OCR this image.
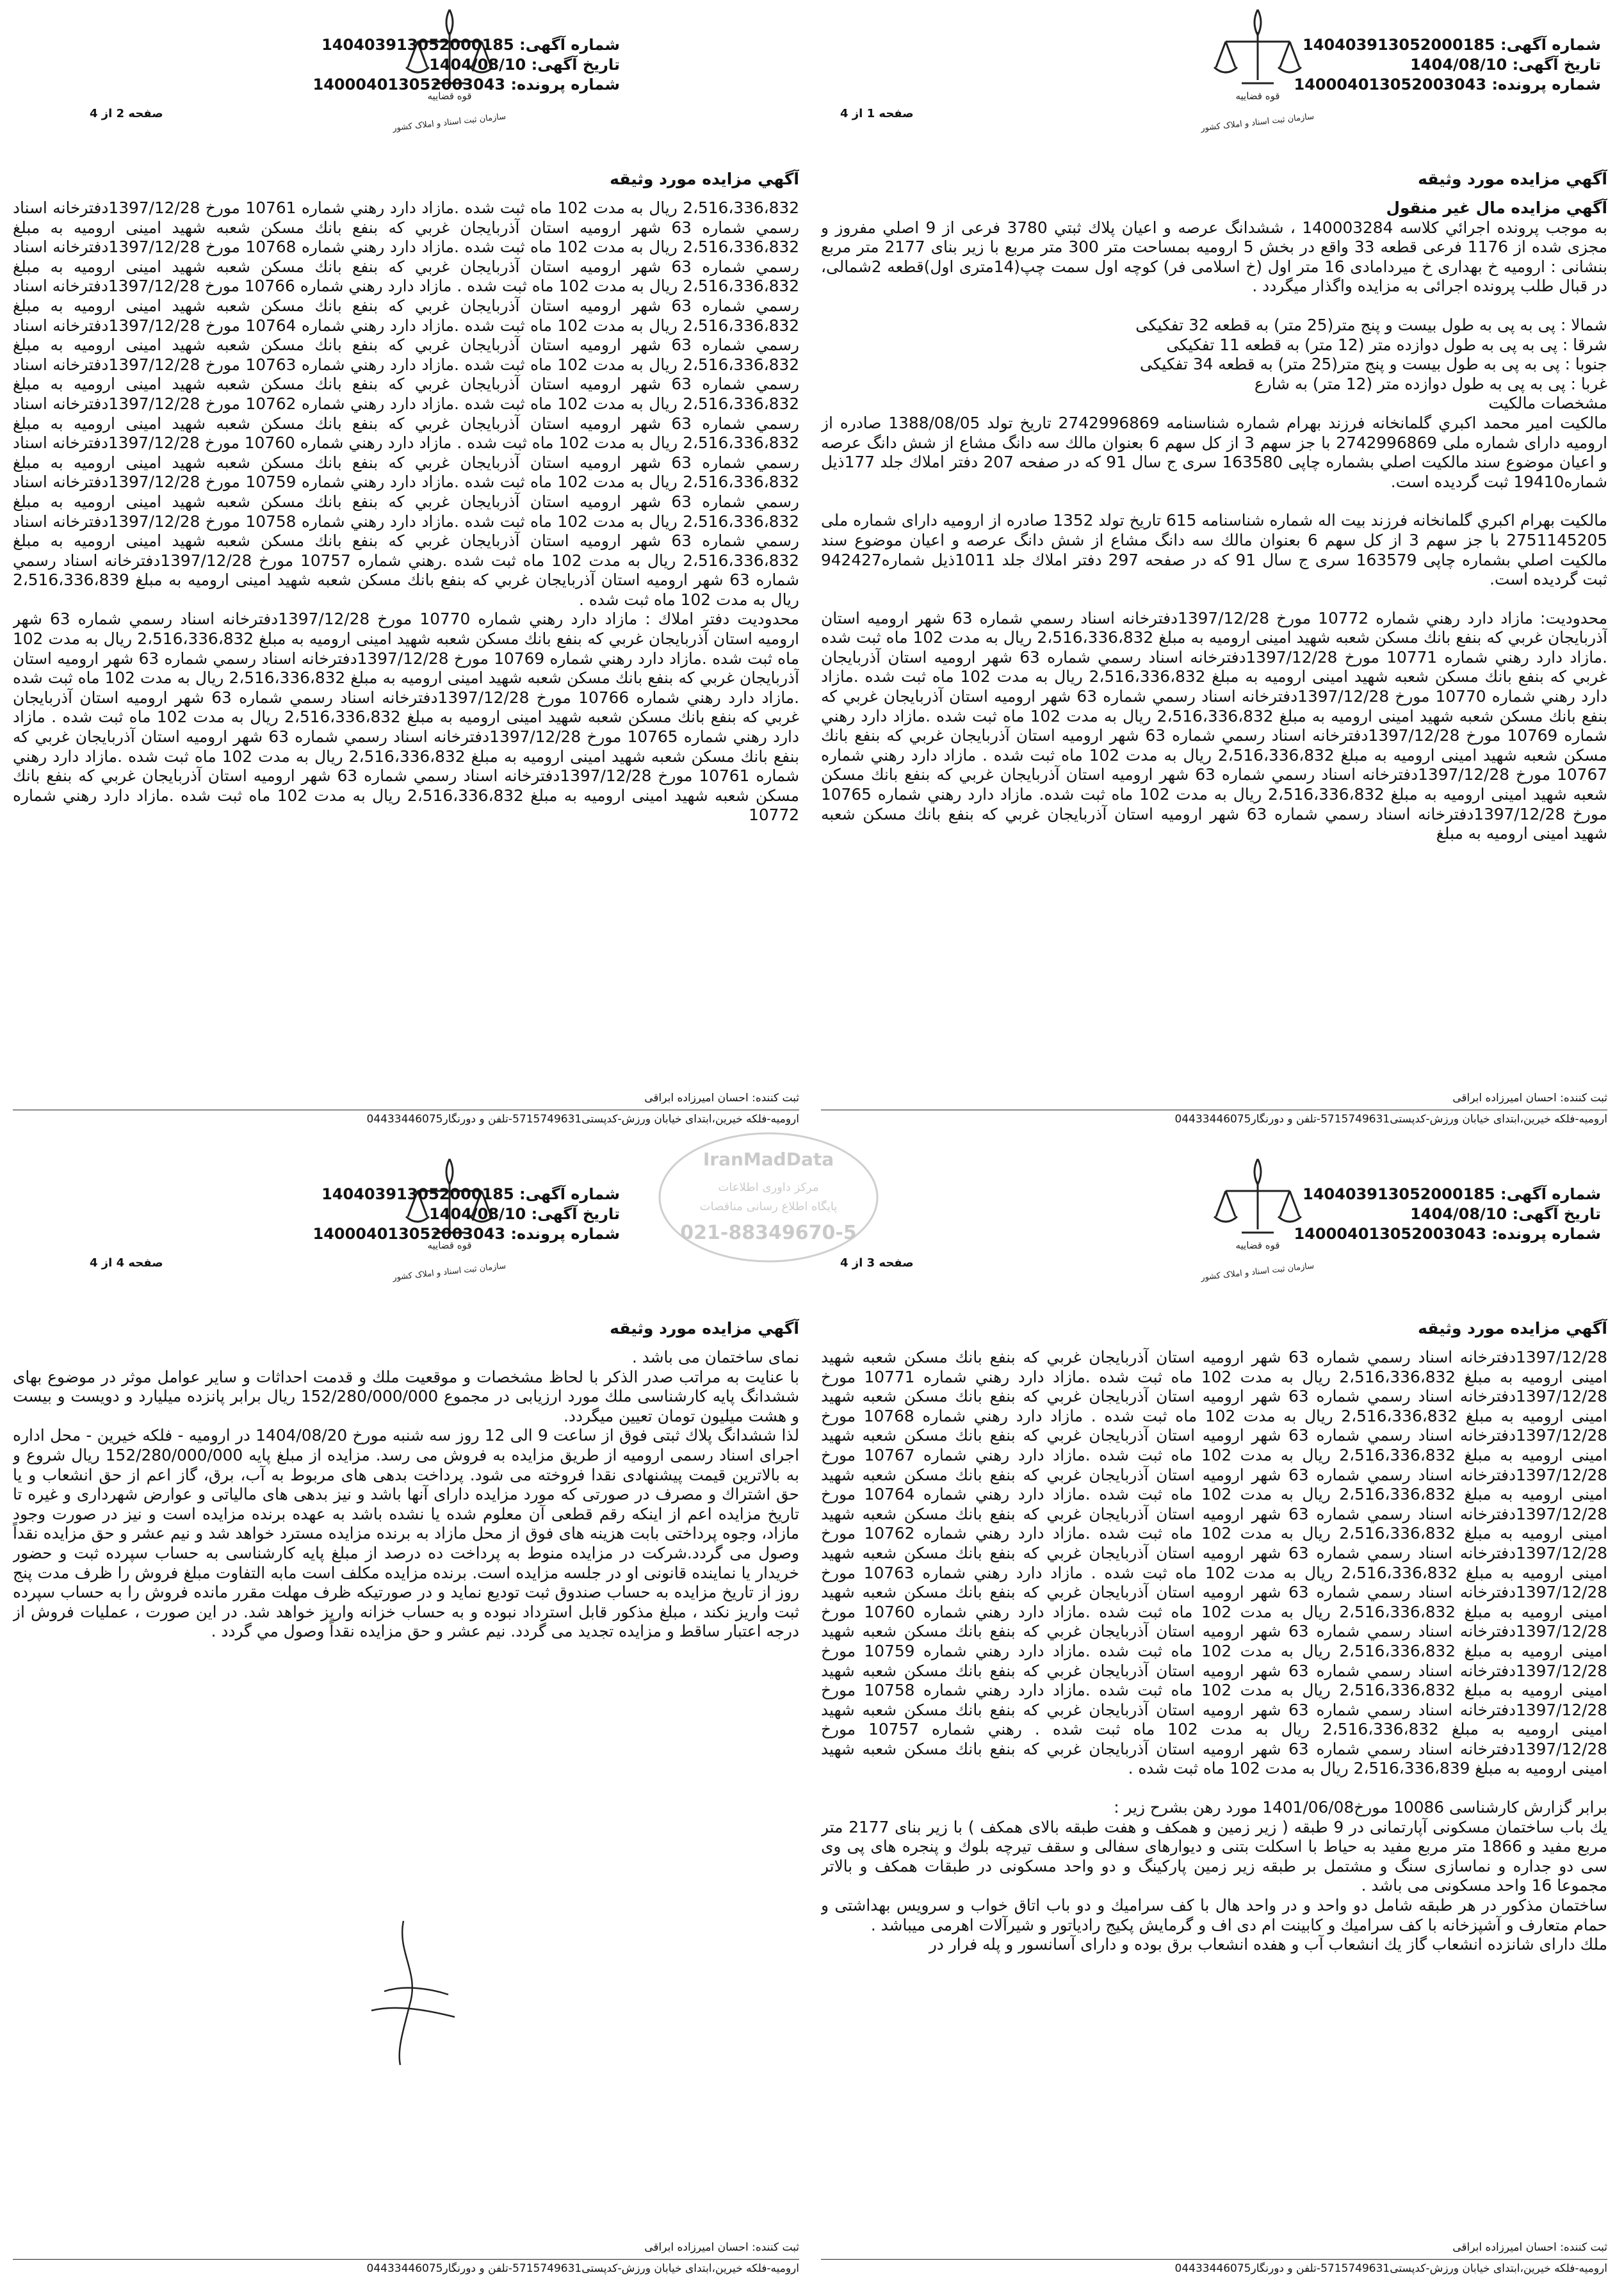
قوه قضاييه
سازمان ثبت اسناد و املاک کشور
شماره آگهی: 140403913052000185
تاریخ آگهی: 1404/08/10
شماره پرونده: 140004013052003043
صفحه 1 از 4
آگهي مزايده مورد وثيقه

آگهي مزايده مال غير منقول

به موجب پرونده اجرائي كلاسه 140003284 ، ششدانگ عرصه و اعيان پلاك ثبتي 3780 فرعى از 9 اصلي مفروز و مجزى شده از 1176 فرعى قطعه 33 واقع در بخش 5 اروميه بمساحت متر 300 متر مربع با زير بناى 2177 متر مربع بنشانى : اروميه خ بهدارى خ ميردامادى 16 متر اول (خ اسلامى فر) كوچه اول سمت چپ(14مترى اول)قطعه 2شمالى، در قبال طلب پرونده اجرائى به مزايده واگذار ميگردد .

شمالا : پى به پى به طول بيست و پنج متر(25 متر) به قطعه 32 تفكيكى

شرقا : پى به پى به طول دوازده متر (12 متر) به قطعه 11 تفكيكى

جنوبا : پى به پى به طول بيست و پنج متر(25 متر) به قطعه 34 تفكيكى

غربا : پى به پى به طول دوازده متر (12 متر) به شارع

مشخصات مالكيت

مالكيت امير محمد اكبري گلمانخانه فرزند بهرام شماره شناسنامه 2742996869 تاريخ تولد 1388/08/05 صادره از اروميه داراى شماره ملى 2742996869 با جز سهم 3 از كل سهم 6 بعنوان مالك سه دانگ مشاع از شش دانگ عرصه و اعيان موضوع سند مالكيت اصلي بشماره چاپى 163580 سرى ج سال 91 كه در صفحه 207 دفتر املاك جلد 177ذيل شماره19410 ثبت گرديده است.

مالكيت بهرام اكبري گلمانخانه فرزند بيت اله شماره شناسنامه 615 تاريخ تولد 1352 صادره از اروميه داراى شماره ملى 2751145205 با جز سهم 3 از كل سهم 6 بعنوان مالك سه دانگ مشاع از شش دانگ عرصه و اعيان موضوع سند مالكيت اصلي بشماره چاپى 163579 سرى ج سال 91 كه در صفحه 297 دفتر املاك جلد 1011ذيل شماره942427 ثبت گرديده است.

محدوديت: مازاد دارد رهني شماره 10772 مورخ 1397/12/28دفترخانه اسناد رسمي شماره 63 شهر اروميه استان آذربايجان غربي كه بنفع بانك مسكن شعبه شهيد امينى اروميه به مبلغ 2،516،336،832 ريال به مدت 102 ماه ثبت شده .مازاد دارد رهني شماره 10771 مورخ 1397/12/28دفترخانه اسناد رسمي شماره 63 شهر اروميه استان آذربايجان غربي كه بنفع بانك مسكن شعبه شهيد امينى اروميه به مبلغ 2،516،336،832 ريال به مدت 102 ماه ثبت شده .مازاد دارد رهني شماره 10770 مورخ 1397/12/28دفترخانه اسناد رسمي شماره 63 شهر اروميه استان آذربايجان غربي كه بنفع بانك مسكن شعبه شهيد امينى اروميه به مبلغ 2،516،336،832 ريال به مدت 102 ماه ثبت شده .مازاد دارد رهني شماره 10769 مورخ 1397/12/28دفترخانه اسناد رسمي شماره 63 شهر اروميه استان آذربايجان غربي كه بنفع بانك مسكن شعبه شهيد امينى اروميه به مبلغ 2،516،336،832 ريال به مدت 102 ماه ثبت شده . مازاد دارد رهني شماره 10767 مورخ 1397/12/28دفترخانه اسناد رسمي شماره 63 شهر اروميه استان آذربايجان غربي كه بنفع بانك مسكن شعبه شهيد امينى اروميه به مبلغ 2،516،336،832 ريال به مدت 102 ماه ثبت شده. مازاد دارد رهني شماره 10765 مورخ 1397/12/28دفترخانه اسناد رسمي شماره 63 شهر اروميه استان آذربايجان غربي كه بنفع بانك مسكن شعبه شهيد امينى اروميه به مبلغ

ثبت کننده: احسان امیرزاده ابراقی
ارومیه-فلکه خیرین،ابتدای خیابان ورزش-کدپستی5715749631-تلفن و دورنگار04433446075
قوه قضاييه
سازمان ثبت اسناد و املاک کشور
شماره آگهی: 140403913052000185
تاریخ آگهی: 1404/08/10
شماره پرونده: 140004013052003043
صفحه 2 از 4
آگهي مزايده مورد وثيقه

2،516،336،832 ريال به مدت 102 ماه ثبت شده .مازاد دارد رهني شماره 10761 مورخ 1397/12/28دفترخانه اسناد رسمي شماره 63 شهر اروميه استان آذربايجان غربي كه بنفع بانك مسكن شعبه شهيد امينى اروميه به مبلغ 2،516،336،832 ريال به مدت 102 ماه ثبت شده .مازاد دارد رهني شماره 10768 مورخ 1397/12/28دفترخانه اسناد رسمي شماره 63 شهر اروميه استان آذربايجان غربي كه بنفع بانك مسكن شعبه شهيد امينى اروميه به مبلغ 2،516،336،832 ريال به مدت 102 ماه ثبت شده . مازاد دارد رهني شماره 10766 مورخ 1397/12/28دفترخانه اسناد رسمي شماره 63 شهر اروميه استان آذربايجان غربي كه بنفع بانك مسكن شعبه شهيد امينى اروميه به مبلغ 2،516،336،832 ريال به مدت 102 ماه ثبت شده .مازاد دارد رهني شماره 10764 مورخ 1397/12/28دفترخانه اسناد رسمي شماره 63 شهر اروميه استان آذربايجان غربي كه بنفع بانك مسكن شعبه شهيد امينى اروميه به مبلغ 2،516،336،832 ريال به مدت 102 ماه ثبت شده .مازاد دارد رهني شماره 10763 مورخ 1397/12/28دفترخانه اسناد رسمي شماره 63 شهر اروميه استان آذربايجان غربي كه بنفع بانك مسكن شعبه شهيد امينى اروميه به مبلغ 2،516،336،832 ريال به مدت 102 ماه ثبت شده .مازاد دارد رهني شماره 10762 مورخ 1397/12/28دفترخانه اسناد رسمي شماره 63 شهر اروميه استان آذربايجان غربي كه بنفع بانك مسكن شعبه شهيد امينى اروميه به مبلغ 2،516،336،832 ريال به مدت 102 ماه ثبت شده . مازاد دارد رهني شماره 10760 مورخ 1397/12/28دفترخانه اسناد رسمي شماره 63 شهر اروميه استان آذربايجان غربي كه بنفع بانك مسكن شعبه شهيد امينى اروميه به مبلغ 2،516،336،832 ريال به مدت 102 ماه ثبت شده .مازاد دارد رهني شماره 10759 مورخ 1397/12/28دفترخانه اسناد رسمي شماره 63 شهر اروميه استان آذربايجان غربي كه بنفع بانك مسكن شعبه شهيد امينى اروميه به مبلغ 2،516،336،832 ريال به مدت 102 ماه ثبت شده .مازاد دارد رهني شماره 10758 مورخ 1397/12/28دفترخانه اسناد رسمي شماره 63 شهر اروميه استان آذربايجان غربي كه بنفع بانك مسكن شعبه شهيد امينى اروميه به مبلغ 2،516،336،832 ريال به مدت 102 ماه ثبت شده .رهني شماره 10757 مورخ 1397/12/28دفترخانه اسناد رسمي شماره 63 شهر اروميه استان آذربايجان غربي كه بنفع بانك مسكن شعبه شهيد امينى اروميه به مبلغ 2،516،336،839 ريال به مدت 102 ماه ثبت شده .

محدوديت دفتر املاك : مازاد دارد رهني شماره 10770 مورخ 1397/12/28دفترخانه اسناد رسمي شماره 63 شهر اروميه استان آذربايجان غربي كه بنفع بانك مسكن شعبه شهيد امينى اروميه به مبلغ 2،516،336،832 ريال به مدت 102 ماه ثبت شده .مازاد دارد رهني شماره 10769 مورخ 1397/12/28دفترخانه اسناد رسمي شماره 63 شهر اروميه استان آذربايجان غربي كه بنفع بانك مسكن شعبه شهيد امينى اروميه به مبلغ 2،516،336،832 ريال به مدت 102 ماه ثبت شده .مازاد دارد رهني شماره 10766 مورخ 1397/12/28دفترخانه اسناد رسمي شماره 63 شهر اروميه استان آذربايجان غربي كه بنفع بانك مسكن شعبه شهيد امينى اروميه به مبلغ 2،516،336،832 ريال به مدت 102 ماه ثبت شده . مازاد دارد رهني شماره 10765 مورخ 1397/12/28دفترخانه اسناد رسمي شماره 63 شهر اروميه استان آذربايجان غربي كه بنفع بانك مسكن شعبه شهيد امينى اروميه به مبلغ 2،516،336،832 ريال به مدت 102 ماه ثبت شده .مازاد دارد رهني شماره 10761 مورخ 1397/12/28دفترخانه اسناد رسمي شماره 63 شهر اروميه استان آذربايجان غربي كه بنفع بانك مسكن شعبه شهيد امينى اروميه به مبلغ 2،516،336،832 ريال به مدت 102 ماه ثبت شده .مازاد دارد رهني شماره 10772

ثبت کننده: احسان امیرزاده ابراقی
ارومیه-فلکه خیرین،ابتدای خیابان ورزش-کدپستی5715749631-تلفن و دورنگار04433446075
قوه قضاييه
سازمان ثبت اسناد و املاک کشور
شماره آگهی: 140403913052000185
تاریخ آگهی: 1404/08/10
شماره پرونده: 140004013052003043
صفحه 3 از 4
آگهي مزايده مورد وثيقه

1397/12/28دفترخانه اسناد رسمي شماره 63 شهر اروميه استان آذربايجان غربي كه بنفع بانك مسكن شعبه شهيد امينى اروميه به مبلغ 2،516،336،832 ريال به مدت 102 ماه ثبت شده .مازاد دارد رهني شماره 10771 مورخ 1397/12/28دفترخانه اسناد رسمي شماره 63 شهر اروميه استان آذربايجان غربي كه بنفع بانك مسكن شعبه شهيد امينى اروميه به مبلغ 2،516،336،832 ريال به مدت 102 ماه ثبت شده . مازاد دارد رهني شماره 10768 مورخ 1397/12/28دفترخانه اسناد رسمي شماره 63 شهر اروميه استان آذربايجان غربي كه بنفع بانك مسكن شعبه شهيد امينى اروميه به مبلغ 2،516،336،832 ريال به مدت 102 ماه ثبت شده .مازاد دارد رهني شماره 10767 مورخ 1397/12/28دفترخانه اسناد رسمي شماره 63 شهر اروميه استان آذربايجان غربي كه بنفع بانك مسكن شعبه شهيد امينى اروميه به مبلغ 2،516،336،832 ريال به مدت 102 ماه ثبت شده .مازاد دارد رهني شماره 10764 مورخ 1397/12/28دفترخانه اسناد رسمي شماره 63 شهر اروميه استان آذربايجان غربي كه بنفع بانك مسكن شعبه شهيد امينى اروميه به مبلغ 2،516،336،832 ريال به مدت 102 ماه ثبت شده .مازاد دارد رهني شماره 10762 مورخ 1397/12/28دفترخانه اسناد رسمي شماره 63 شهر اروميه استان آذربايجان غربي كه بنفع بانك مسكن شعبه شهيد امينى اروميه به مبلغ 2،516،336،832 ريال به مدت 102 ماه ثبت شده . مازاد دارد رهني شماره 10763 مورخ 1397/12/28دفترخانه اسناد رسمي شماره 63 شهر اروميه استان آذربايجان غربي كه بنفع بانك مسكن شعبه شهيد امينى اروميه به مبلغ 2،516،336،832 ريال به مدت 102 ماه ثبت شده .مازاد دارد رهني شماره 10760 مورخ 1397/12/28دفترخانه اسناد رسمي شماره 63 شهر اروميه استان آذربايجان غربي كه بنفع بانك مسكن شعبه شهيد امينى اروميه به مبلغ 2،516،336،832 ريال به مدت 102 ماه ثبت شده .مازاد دارد رهني شماره 10759 مورخ 1397/12/28دفترخانه اسناد رسمي شماره 63 شهر اروميه استان آذربايجان غربي كه بنفع بانك مسكن شعبه شهيد امينى اروميه به مبلغ 2،516،336،832 ريال به مدت 102 ماه ثبت شده .مازاد دارد رهني شماره 10758 مورخ 1397/12/28دفترخانه اسناد رسمي شماره 63 شهر اروميه استان آذربايجان غربي كه بنفع بانك مسكن شعبه شهيد امينى اروميه به مبلغ 2،516،336،832 ريال به مدت 102 ماه ثبت شده . رهني شماره 10757 مورخ 1397/12/28دفترخانه اسناد رسمي شماره 63 شهر اروميه استان آذربايجان غربي كه بنفع بانك مسكن شعبه شهيد امينى اروميه به مبلغ 2،516،336،839 ريال به مدت 102 ماه ثبت شده .

برابر گزارش كارشناسى 10086 مورخ1401/06/08 مورد رهن بشرح زير :

يك باب ساختمان مسكونى آپارتمانى در 9 طبقه ( زير زمين و همكف و هفت طبقه بالاى همكف ) با زير بناى 2177 متر مربع مفيد و 1866 متر مربع مفيد به حياط با اسكلت بتنى و ديوارهاى سفالى و سقف تيرچه بلوك و پنجره هاى پى وى سى دو جداره و نماسازى سنگ و مشتمل بر طبقه زير زمين پاركينگ و دو واحد مسكونى در طبقات همكف و بالاتر مجموعا 16 واحد مسكونى مى باشد .

ساختمان مذكور در هر طبقه شامل دو واحد و در واحد هال با كف سراميك و دو باب اتاق خواب و سرويس بهداشتى و حمام متعارف و آشپزخانه با كف سراميك و كابينت ام دى اف و گرمايش پكيج رادياتور و شيرآلات اهرمى ميباشد .

ملك داراى شانزده انشعاب گاز يك انشعاب آب و هفده انشعاب برق بوده و داراى آسانسور و پله فرار در

ثبت کننده: احسان امیرزاده ابراقی
ارومیه-فلکه خیرین،ابتدای خیابان ورزش-کدپستی5715749631-تلفن و دورنگار04433446075
قوه قضاييه
سازمان ثبت اسناد و املاک کشور
شماره آگهی: 140403913052000185
تاریخ آگهی: 1404/08/10
شماره پرونده: 140004013052003043
صفحه 4 از 4
آگهي مزايده مورد وثيقه

نماى ساختمان مى باشد .

با عنايت به مراتب صدر الذكر با لحاظ مشخصات و موقعيت ملك و قدمت احداثات و ساير عوامل موثر در موضوع بهاى ششدانگ پايه كارشناسى ملك مورد ارزيابى در مجموع 152/280/000/000 ريال برابر پانزده ميليارد و دويست و بيست و هشت ميليون تومان تعيين ميگردد.

لذا ششدانگ پلاك ثبتى فوق از ساعت 9 الى 12 روز سه شنبه مورخ 1404/08/20 در اروميه - فلكه خيرين - محل اداره اجراى اسناد رسمى اروميه از طريق مزايده به فروش مى رسد. مزايده از مبلغ پايه 152/280/000/000 ريال شروع و به بالاترين قيمت پيشنهادى نقدا فروخته مى شود. پرداخت بدهى هاى مربوط به آب، برق، گاز اعم از حق انشعاب و يا حق اشتراك و مصرف در صورتى كه مورد مزايده داراى آنها باشد و نيز بدهى هاى مالياتى و عوارض شهردارى و غيره تا تاريخ مزايده اعم از اينكه رقم قطعى آن معلوم شده يا نشده باشد به عهده برنده مزايده است و نيز در صورت وجود مازاد، وجوه پرداختى بابت هزينه هاى فوق از محل مازاد به برنده مزايده مسترد خواهد شد و نيم عشر و حق مزايده نقداً وصول مى گردد.شركت در مزايده منوط به پرداخت ده درصد از مبلغ پايه كارشناسى به حساب سپرده ثبت و حضور خريدار يا نماينده قانونى او در جلسه مزايده است. برنده مزايده مكلف است مابه التفاوت مبلغ فروش را ظرف مدت پنج روز از تاريخ مزايده به حساب صندوق ثبت توديع نمايد و در صورتيكه ظرف مهلت مقرر مانده فروش را به حساب سپرده ثبت واريز نكند ، مبلغ مذكور قابل استرداد نبوده و به حساب خزانه واريز خواهد شد. در اين صورت ، عمليات فروش از درجه اعتبار ساقط و مزايده تجديد مى گردد. نيم عشر و حق مزايده نقداً وصول مي گردد .

ثبت کننده: احسان امیرزاده ابراقی
ارومیه-فلکه خیرین،ابتدای خیابان ورزش-کدپستی5715749631-تلفن و دورنگار04433446075
IranMadData
مرکز داوری اطلاعات
پایگاه اطلاع رسانی مناقصات
021-88349670-5
